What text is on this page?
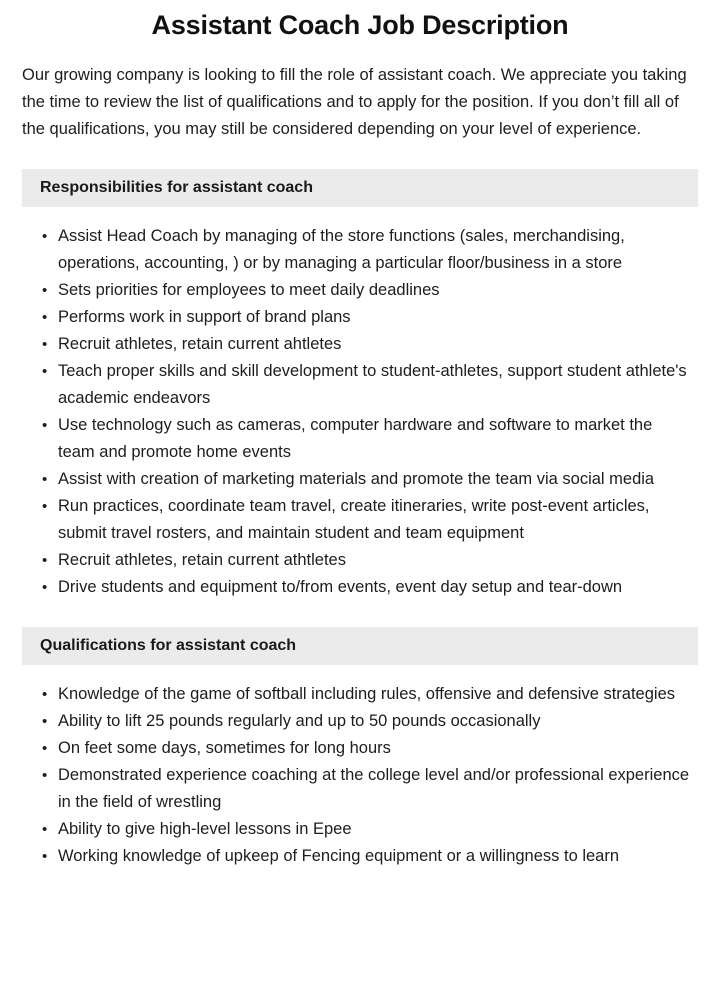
Assistant Coach Job Description

Our growing company is looking to fill the role of assistant coach. We appreciate you taking the time to review the list of qualifications and to apply for the position. If you don’t fill all of the qualifications, you may still be considered depending on your level of experience.

Responsibilities for assistant coach
• Assist Head Coach by managing of the store functions (sales, merchandising, operations, accounting, ) or by managing a particular floor/business in a store
• Sets priorities for employees to meet daily deadlines
• Performs work in support of brand plans
• Recruit athletes, retain current ahtletes
• Teach proper skills and skill development to student-athletes, support student athlete's academic endeavors
• Use technology such as cameras, computer hardware and software to market the team and promote home events
• Assist with creation of marketing materials and promote the team via social media
• Run practices, coordinate team travel, create itineraries, write post-event articles, submit travel rosters, and maintain student and team equipment
• Recruit athletes, retain current athtletes
• Drive students and equipment to/from events, event day setup and tear-down
Qualifications for assistant coach
• Knowledge of the game of softball including rules, offensive and defensive strategies
• Ability to lift 25 pounds regularly and up to 50 pounds occasionally
• On feet some days, sometimes for long hours
• Demonstrated experience coaching at the college level and/or professional experience in the field of wrestling
• Ability to give high-level lessons in Epee
• Working knowledge of upkeep of Fencing equipment or a willingness to learn
